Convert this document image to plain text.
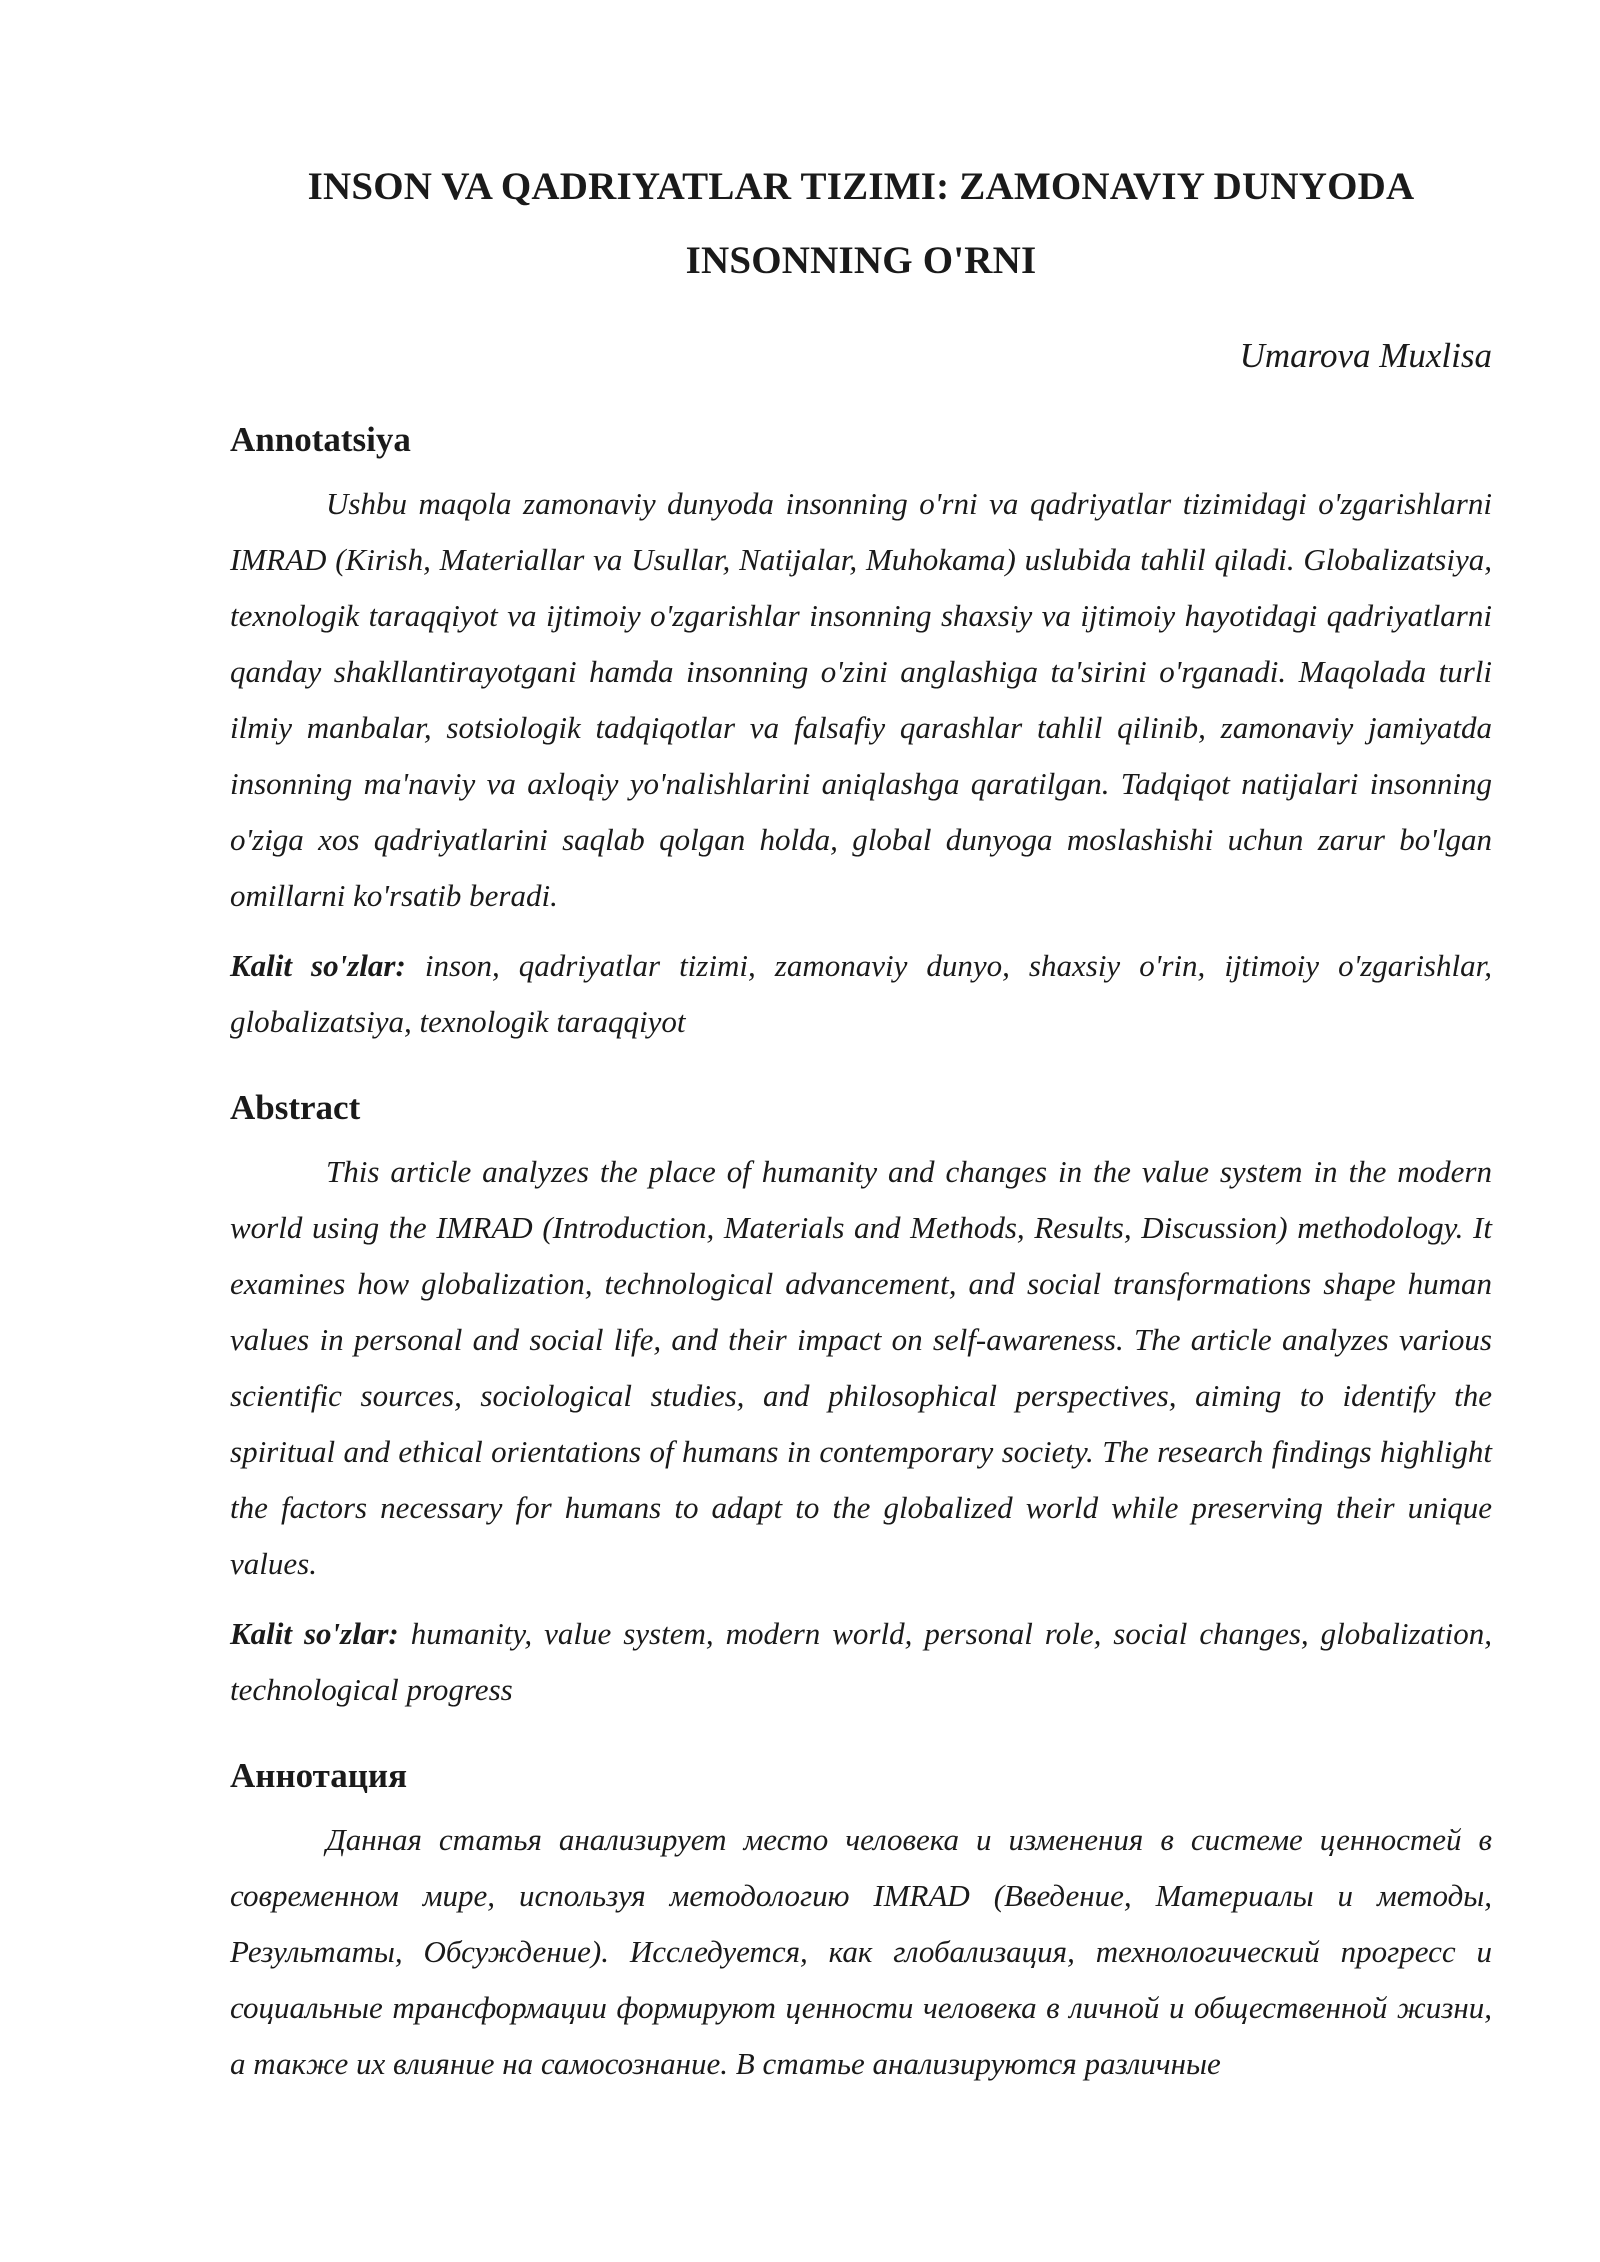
INSON VA QADRIYATLAR TIZIMI: ZAMONAVIY DUNYODA
INSONNING O'RNI

Umarova Muxlisa

Annotatsiya

Ushbu maqola zamonaviy dunyoda insonning o'rni va qadriyatlar tizimidagi o'zgarishlarni IMRAD (Kirish, Materiallar va Usullar, Natijalar, Muhokama) uslubida tahlil qiladi. Globalizatsiya, texnologik taraqqiyot va ijtimoiy o'zgarishlar insonning shaxsiy va ijtimoiy hayotidagi qadriyatlarni qanday shakllantirayotgani hamda insonning o'zini anglashiga ta'sirini o'rganadi. Maqolada turli ilmiy manbalar, sotsiologik tadqiqotlar va falsafiy qarashlar tahlil qilinib, zamonaviy jamiyatda insonning ma'naviy va axloqiy yo'nalishlarini aniqlashga qaratilgan. Tadqiqot natijalari insonning o'ziga xos qadriyatlarini saqlab qolgan holda, global dunyoga moslashishi uchun zarur bo'lgan omillarni ko'rsatib beradi.

Kalit so'zlar: inson, qadriyatlar tizimi, zamonaviy dunyo, shaxsiy o'rin, ijtimoiy o'zgarishlar, globalizatsiya, texnologik taraqqiyot

Abstract

This article analyzes the place of humanity and changes in the value system in the modern world using the IMRAD (Introduction, Materials and Methods, Results, Discussion) methodology. It examines how globalization, technological advancement, and social transformations shape human values in personal and social life, and their impact on self-awareness. The article analyzes various scientific sources, sociological studies, and philosophical perspectives, aiming to identify the spiritual and ethical orientations of humans in contemporary society. The research findings highlight the factors necessary for humans to adapt to the globalized world while preserving their unique values.

Kalit so'zlar: humanity, value system, modern world, personal role, social changes, globalization, technological progress

Аннотация

Данная статья анализирует место человека и изменения в системе ценностей в современном мире, используя методологию IMRAD (Введение, Материалы и методы, Результаты, Обсуждение). Исследуется, как глобализация, технологический прогресс и социальные трансформации формируют ценности человека в личной и общественной жизни, а также их влияние на самосознание. В статье анализируются различные
